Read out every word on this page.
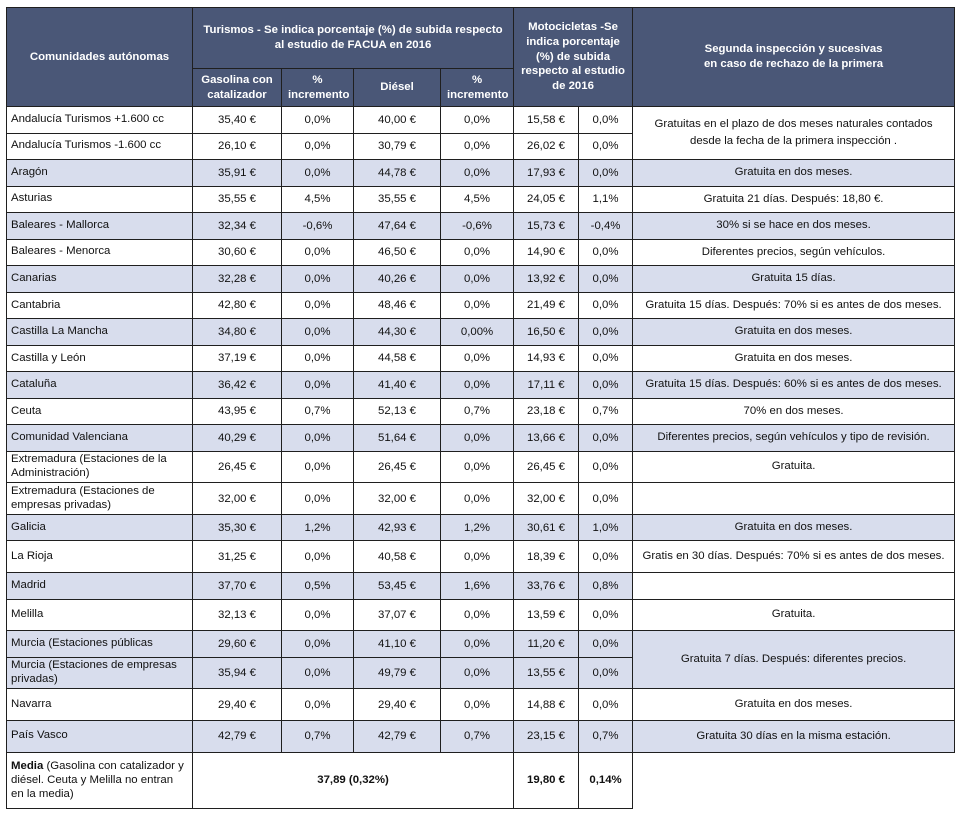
Comunidades autónomas	Turismos - Se indica porcentaje (%) de subida respecto al estudio de FACUA en 2016				Motocicletas -Se indica porcentaje (%) de subida respecto al estudio de 2016		Segunda inspección y sucesivas
en caso de rechazo de la primera
	Gasolina con catalizador	% incremento	Diésel	% incremento			
Andalucía Turismos +1.600 cc	35,40 €	0,0%	40,00 €	0,0%	15,58 €	0,0%	Gratuitas en el plazo de dos meses naturales contados
desde la fecha de la primera inspección .
Andalucía Turismos -1.600 cc	26,10 €	0,0%	30,79 €	0,0%	26,02 €	0,0%	
Aragón	35,91 €	0,0%	44,78 €	0,0%	17,93 €	0,0%	Gratuita en dos meses.
Asturias	35,55 €	4,5%	35,55 €	4,5%	24,05 €	1,1%	Gratuita 21 días. Después: 18,80 €.
Baleares - Mallorca	32,34 €	-0,6%	47,64 €	-0,6%	15,73 €	-0,4%	30% si se hace en dos meses.
Baleares - Menorca	30,60 €	0,0%	46,50 €	0,0%	14,90 €	0,0%	Diferentes precios, según vehículos.
Canarias	32,28 €	0,0%	40,26 €	0,0%	13,92 €	0,0%	Gratuita 15 días.
Cantabria	42,80 €	0,0%	48,46 €	0,0%	21,49 €	0,0%	Gratuita 15 días. Después: 70% si es antes de dos meses.
Castilla La Mancha	34,80 €	0,0%	44,30 €	0,00%	16,50 €	0,0%	Gratuita en dos meses.
Castilla y León	37,19 €	0,0%	44,58 €	0,0%	14,93 €	0,0%	Gratuita en dos meses.
Cataluña	36,42 €	0,0%	41,40 €	0,0%	17,11 €	0,0%	Gratuita 15 días. Después: 60% si es antes de dos meses.
Ceuta	43,95 €	0,7%	52,13 €	0,7%	23,18 €	0,7%	70% en dos meses.
Comunidad Valenciana	40,29 €	0,0%	51,64 €	0,0%	13,66 €	0,0%	Diferentes precios, según vehículos y tipo de revisión.
Extremadura (Estaciones de la Administración)	26,45 €	0,0%	26,45 €	0,0%	26,45 €	0,0%	Gratuita.
Extremadura (Estaciones de empresas privadas)	32,00 €	0,0%	32,00 €	0,0%	32,00 €	0,0%	
Galicia	35,30 €	1,2%	42,93 €	1,2%	30,61 €	1,0%	Gratuita en dos meses.
La Rioja	31,25 €	0,0%	40,58 €	0,0%	18,39 €	0,0%	Gratis en 30 días. Después: 70% si es antes de dos meses.
Madrid	37,70 €	0,5%	53,45 €	1,6%	33,76 €	0,8%	
Melilla	32,13 €	0,0%	37,07 €	0,0%	13,59 €	0,0%	Gratuita.
Murcia (Estaciones públicas	29,60 €	0,0%	41,10 €	0,0%	11,20 €	0,0%	Gratuita 7 días. Después: diferentes precios.
Murcia (Estaciones de empresas privadas)	35,94 €	0,0%	49,79 €	0,0%	13,55 €	0,0%	
Navarra	29,40 €	0,0%	29,40 €	0,0%	14,88 €	0,0%	Gratuita en dos meses.
País Vasco	42,79 €	0,7%	42,79 €	0,7%	23,15 €	0,7%	Gratuita 30 días en la misma estación.
Media (Gasolina con catalizador y diésel. Ceuta y Melilla no entran en la media)	37,89 (0,32%)				19,80 €	0,14%	
